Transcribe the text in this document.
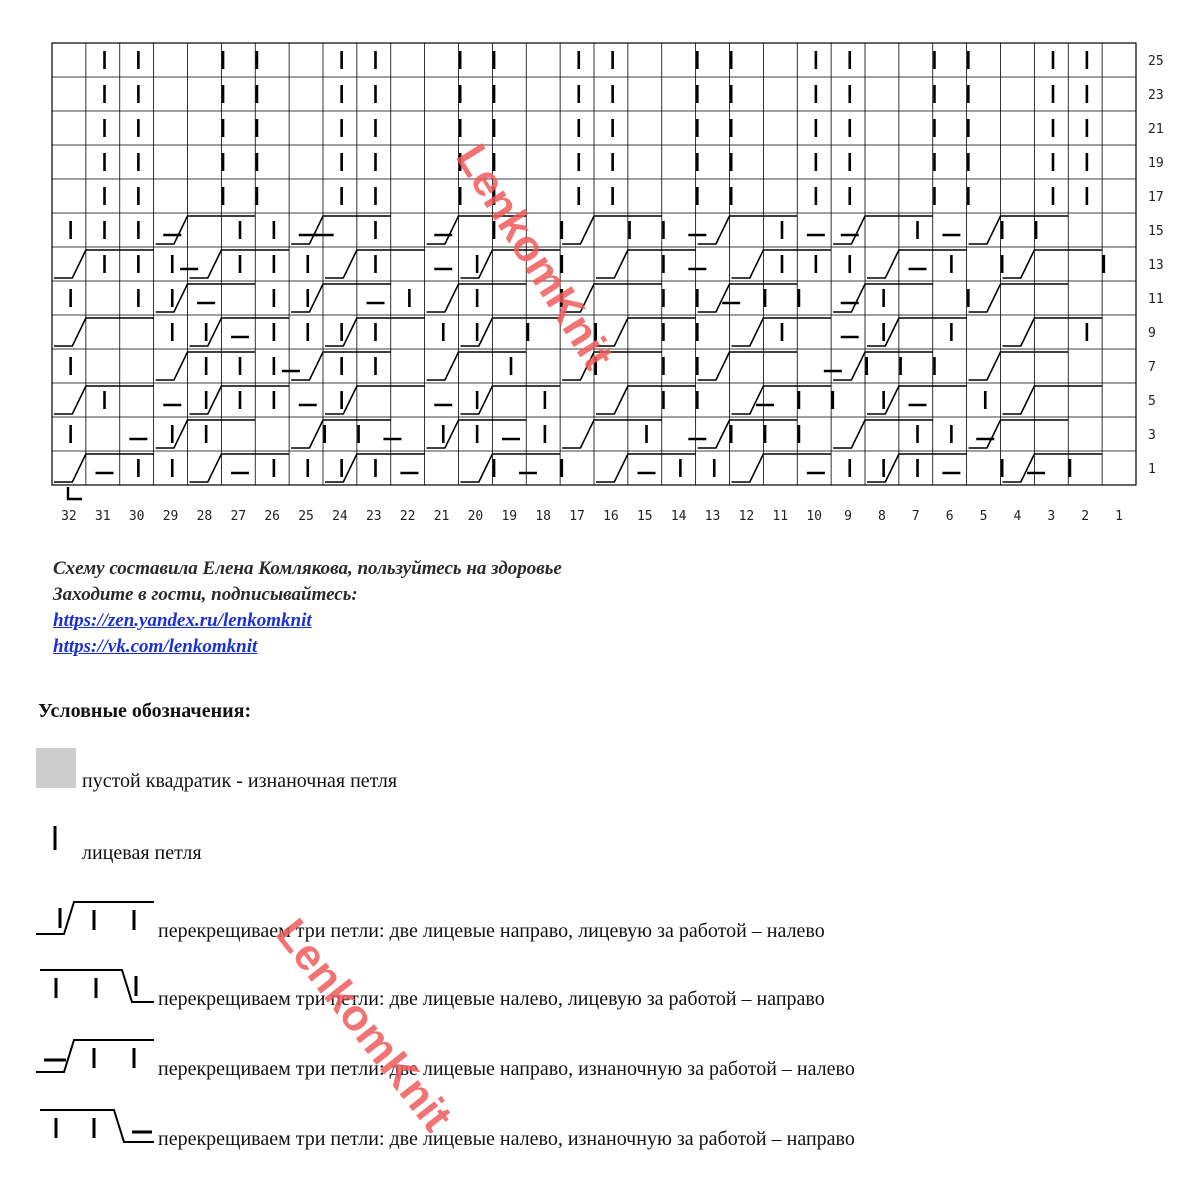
25
23
21
19
17
15
13
11
9
7
5
3
1
32 31 30 29 28 27 26 25 24 23 22 21 20 19 18 17 16 15 14 13 12 11 10 9 8 7 6 5 4 3 2 1
LenkomKnit
Схему составила Елена Комлякова, пользуйтесь на здоровье
Заходите в гости, подписывайтесь:
https://zen.yandex.ru/lenkomknit
https://vk.com/lenkomknit
Условные обозначения:
пустой квадратик - изнаночная петля
лицевая петля
перекрещиваем три петли: две лицевые направо, лицевую за работой – налево
перекрещиваем три петли: две лицевые налево, лицевую за работой – направо
перекрещиваем три петли: две лицевые направо, изнаночную за работой – налево
перекрещиваем три петли: две лицевые налево, изнаночную за работой – направо
LenkomKnit
